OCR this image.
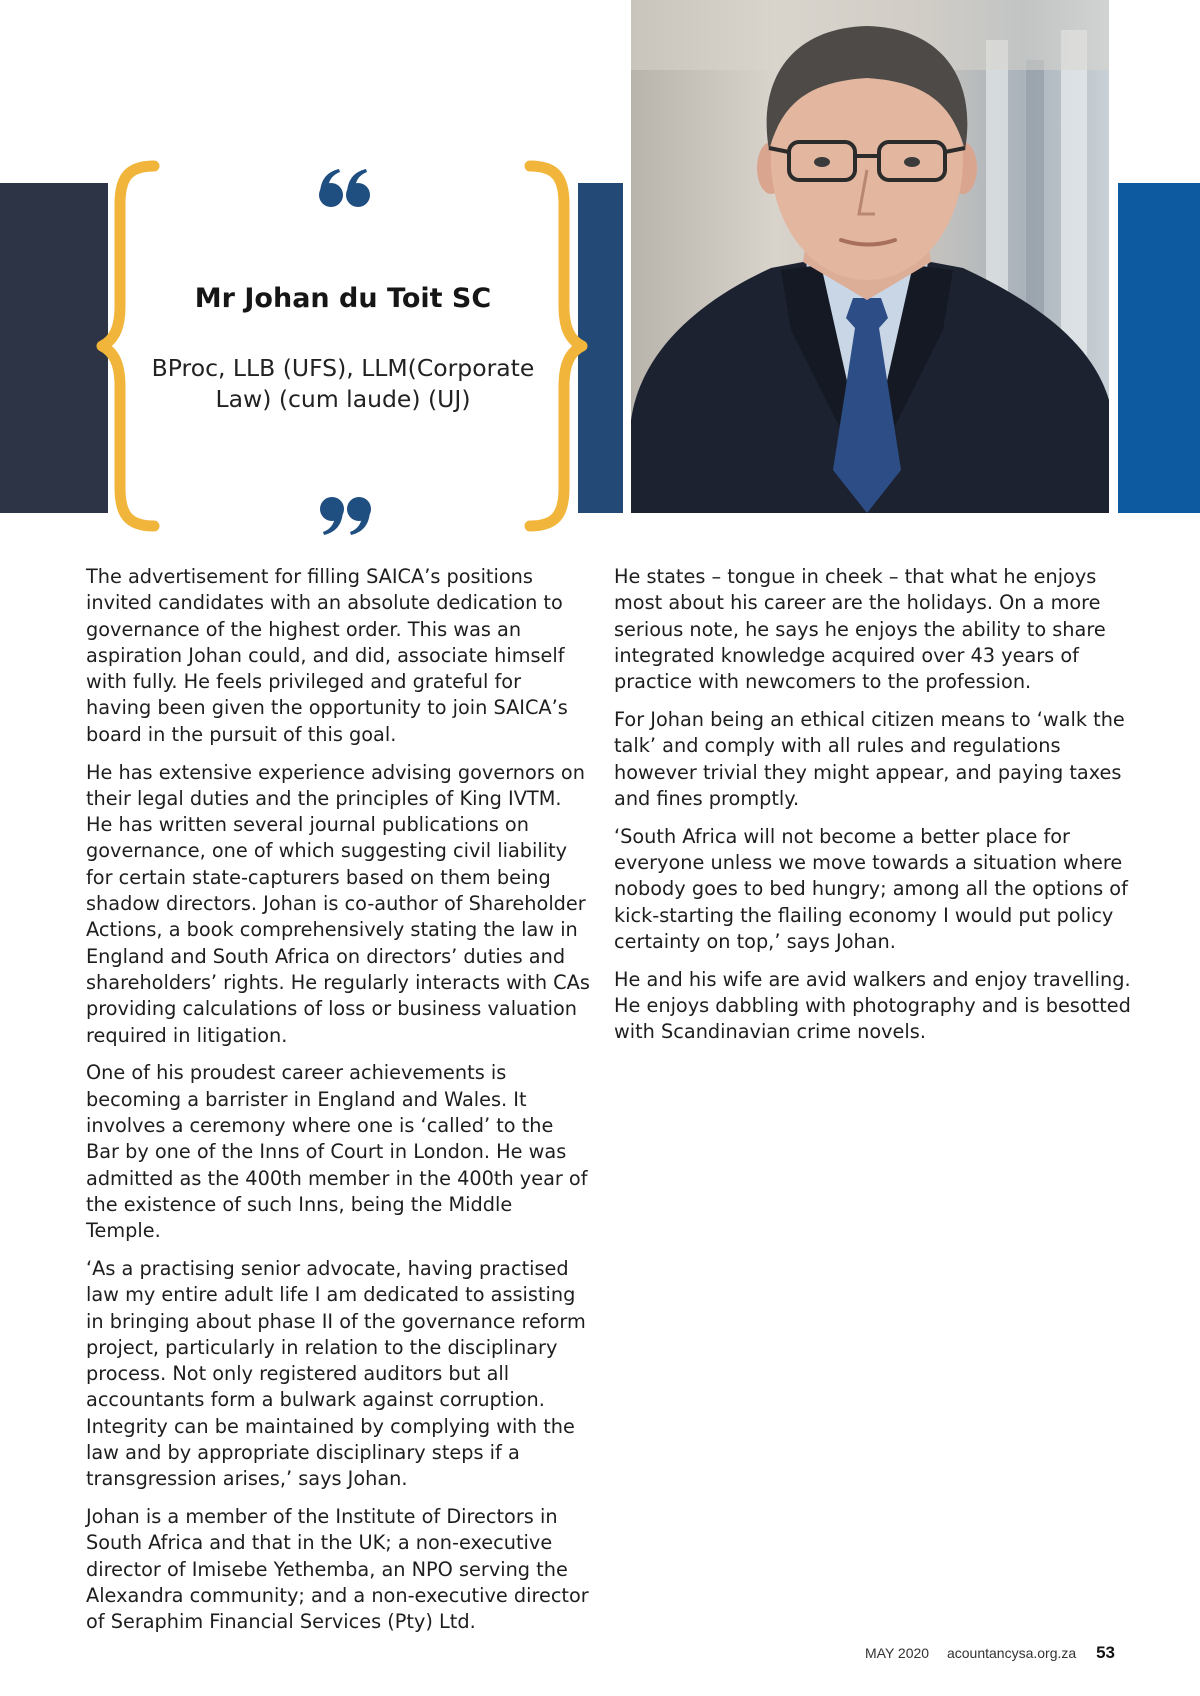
Mr Johan du Toit SC

BProc, LLB (UFS), LLM(Corporate Law) (cum laude) (UJ)

The advertisement for filling SAICA’s positions invited candidates with an absolute dedication to governance of the highest order. This was an aspiration Johan could, and did, associate himself with fully. He feels privileged and grateful for having been given the opportunity to join SAICA’s board in the pursuit of this goal.

He has extensive experience advising governors on their legal duties and the principles of King IVTM. He has written several journal publications on governance, one of which suggesting civil liability for certain state-capturers based on them being shadow directors. Johan is co-author of Shareholder Actions, a book comprehensively stating the law in England and South Africa on directors’ duties and shareholders’ rights. He regularly interacts with CAs providing calculations of loss or business valuation required in litigation.

One of his proudest career achievements is becoming a barrister in England and Wales. It involves a ceremony where one is ‘called’ to the Bar by one of the Inns of Court in London. He was admitted as the 400th member in the 400th year of the existence of such Inns, being the Middle Temple.

‘As a practising senior advocate, having practised law my entire adult life I am dedicated to assisting in bringing about phase II of the governance reform project, particularly in relation to the disciplinary process. Not only registered auditors but all accountants form a bulwark against corruption. Integrity can be maintained by complying with the law and by appropriate disciplinary steps if a transgression arises,’ says Johan.

Johan is a member of the Institute of Directors in South Africa and that in the UK; a non-executive director of Imisebe Yethemba, an NPO serving the Alexandra community; and a non-executive director of Seraphim Financial Services (Pty) Ltd.

He states – tongue in cheek – that what he enjoys most about his career are the holidays. On a more serious note, he says he enjoys the ability to share integrated knowledge acquired over 43 years of practice with newcomers to the profession.

For Johan being an ethical citizen means to ‘walk the talk’ and comply with all rules and regulations however trivial they might appear, and paying taxes and fines promptly.

‘South Africa will not become a better place for everyone unless we move towards a situation where nobody goes to bed hungry; among all the options of kick-starting the flailing economy I would put policy certainty on top,’ says Johan.

He and his wife are avid walkers and enjoy travelling. He enjoys dabbling with photography and is besotted with Scandinavian crime novels.

MAY 2020 acountancysa.org.za 53
